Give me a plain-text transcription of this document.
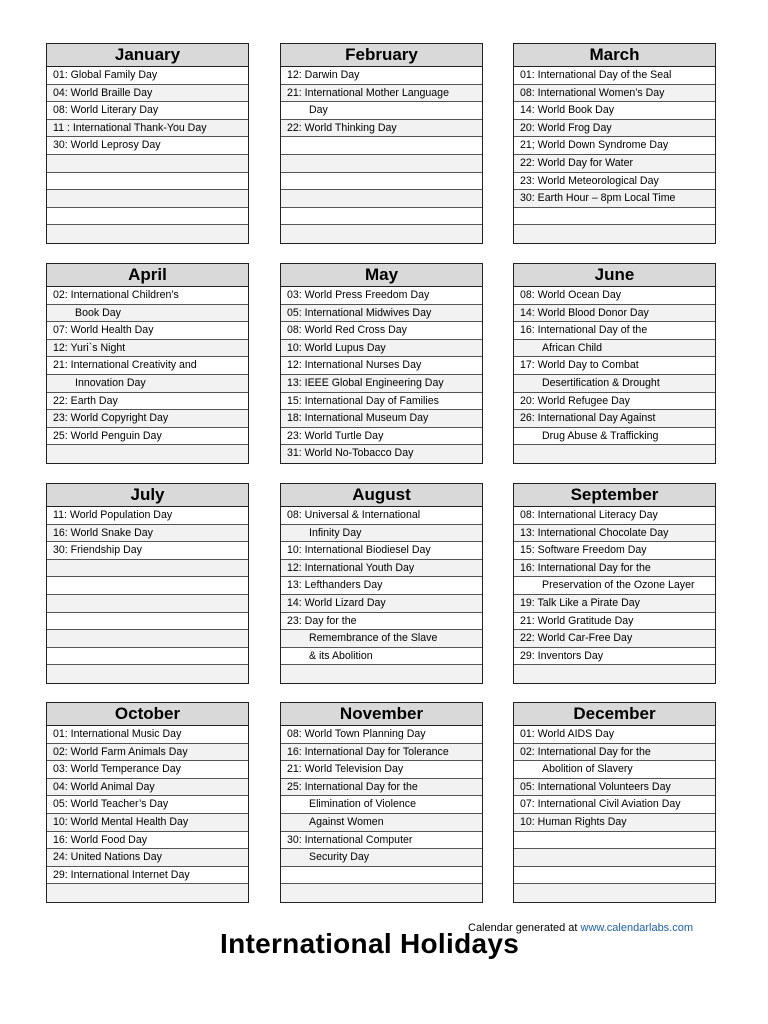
January
01: Global Family Day
04: World Braille Day
08: World Literary Day
11 : International Thank-You Day
30: World Leprosy Day
February
12: Darwin Day
21: International Mother Language
Day
22: World Thinking Day
March
01: International Day of the Seal
08: International Women’s Day
14: World Book Day
20: World Frog Day
21; World Down Syndrome Day
22: World Day for Water
23: World Meteorological Day
30: Earth Hour – 8pm Local Time
April
02: International Children’s
Book Day
07: World Health Day
12: Yuri`s Night
21: International Creativity and
Innovation Day
22: Earth Day
23: World Copyright Day
25: World Penguin Day
May
03: World Press Freedom Day
05: International Midwives Day
08: World Red Cross Day
10: World Lupus Day
12: International Nurses Day
13: IEEE Global Engineering Day
15: International Day of Families
18: International Museum Day
23: World Turtle Day
31: World No-Tobacco Day
June
08: World Ocean Day
14: World Blood Donor Day
16: International Day of the
African Child
17: World Day to Combat
Desertification & Drought
20: World Refugee Day
26: International Day Against
Drug Abuse & Trafficking
July
11: World Population Day
16: World Snake Day
30: Friendship Day
August
08: Universal & International
Infinity Day
10: International Biodiesel Day
12: International Youth Day
13: Lefthanders Day
14: World Lizard Day
23: Day for the
Remembrance of the Slave
& its Abolition
September
08: International Literacy Day
13: International Chocolate Day
15: Software Freedom Day
16: International Day for the
Preservation of the Ozone Layer
19: Talk Like a Pirate Day
21: World Gratitude Day
22: World Car-Free Day
29: Inventors Day
October
01: International Music Day
02: World Farm Animals Day
03: World Temperance Day
04: World Animal Day
05: World Teacher’s Day
10: World Mental Health Day
16: World Food Day
24: United Nations Day
29: International Internet Day
November
08: World Town Planning Day
16: International Day for Tolerance
21: World Television Day
25: International Day for the
Elimination of Violence
Against Women
30: International Computer
Security Day
December
01: World AIDS Day
02: International Day for the
Abolition of Slavery
05: International Volunteers Day
07: International Civil Aviation Day
10: Human Rights Day
Calendar generated at www.calendarlabs.com
International Holidays
